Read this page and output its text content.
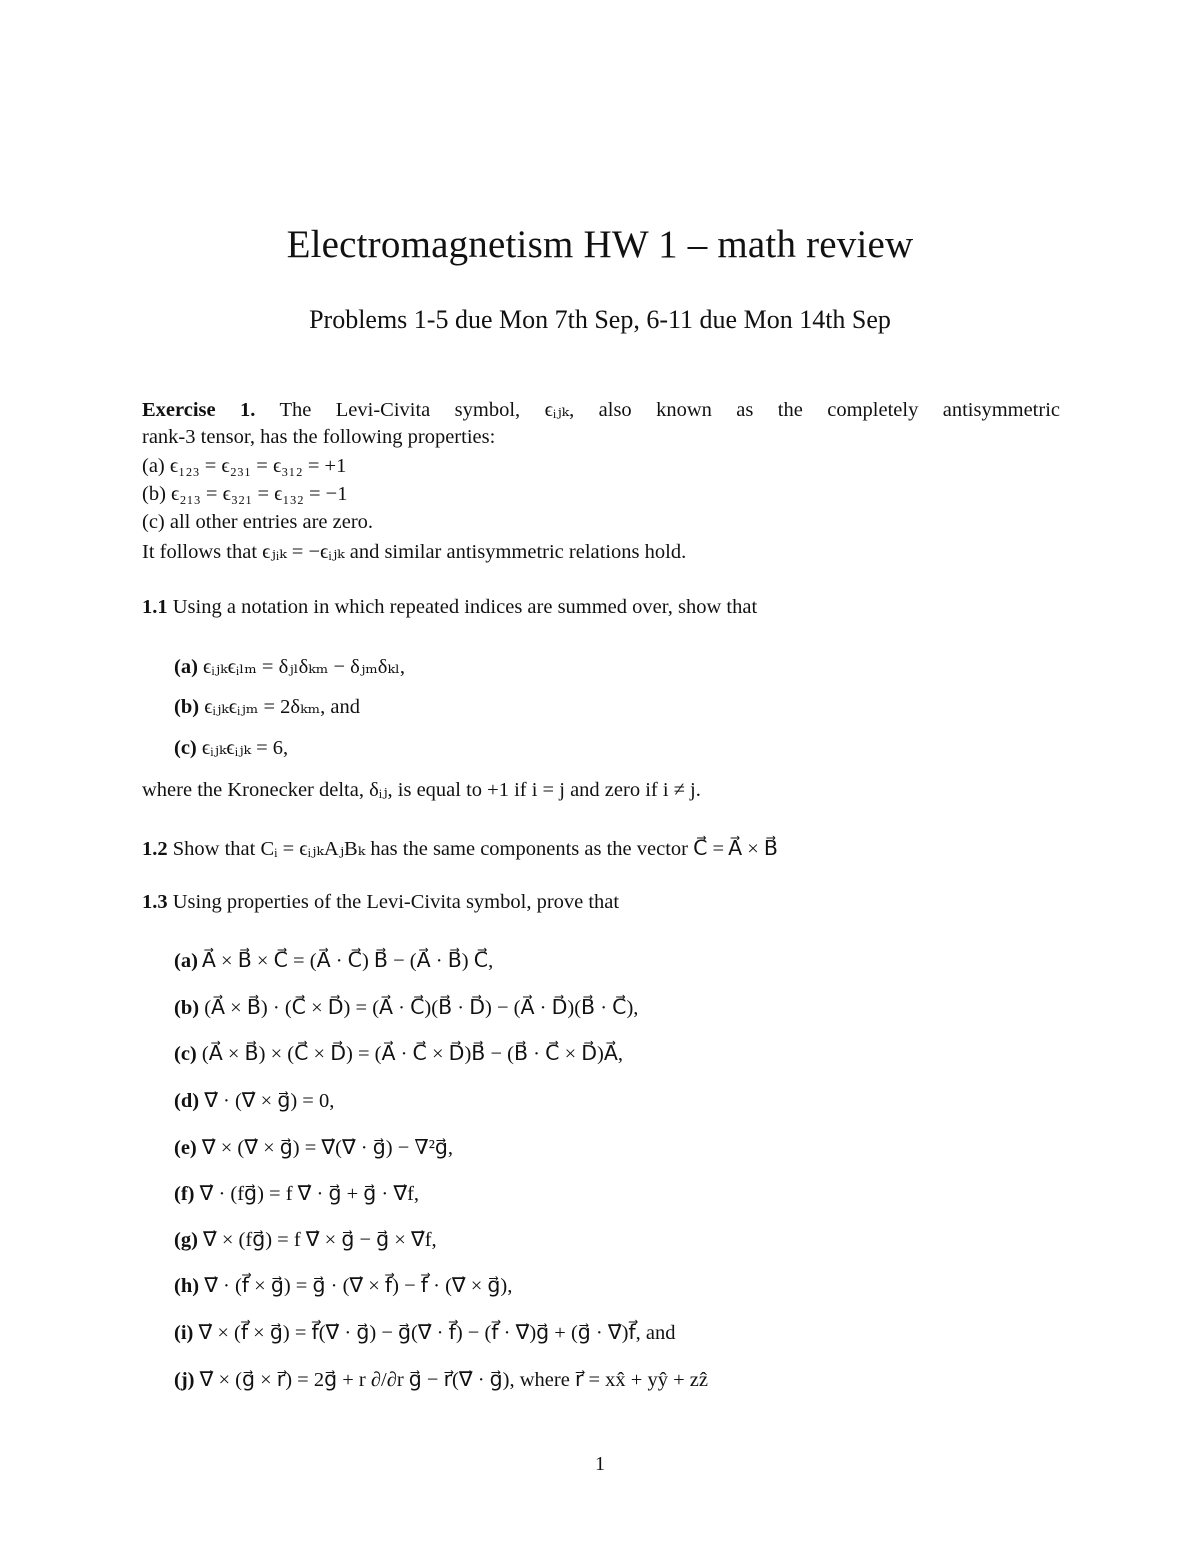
Electromagnetism HW 1 – math review
Problems 1-5 due Mon 7th Sep, 6-11 due Mon 14th Sep
Exercise 1. The Levi-Civita symbol, ϵᵢⱼₖ, also known as the completely antisymmetric
rank-3 tensor, has the following properties:
(a) ϵ₁₂₃ = ϵ₂₃₁ = ϵ₃₁₂ = +1
(b) ϵ₂₁₃ = ϵ₃₂₁ = ϵ₁₃₂ = −1
(c) all other entries are zero.
It follows that ϵⱼᵢₖ = −ϵᵢⱼₖ and similar antisymmetric relations hold.
1.1 Using a notation in which repeated indices are summed over, show that
(a) ϵᵢⱼₖϵᵢₗₘ = δⱼₗδₖₘ − δⱼₘδₖₗ,
(b) ϵᵢⱼₖϵᵢⱼₘ = 2δₖₘ, and
(c) ϵᵢⱼₖϵᵢⱼₖ = 6,
where the Kronecker delta, δᵢⱼ, is equal to +1 if i = j and zero if i ≠ j.
1.2 Show that Cᵢ = ϵᵢⱼₖAⱼBₖ has the same components as the vector C⃗ = A⃗ × B⃗
1.3 Using properties of the Levi-Civita symbol, prove that
(a) A⃗ × B⃗ × C⃗ = (A⃗ · C⃗) B⃗ − (A⃗ · B⃗) C⃗,
(b) (A⃗ × B⃗) · (C⃗ × D⃗) = (A⃗ · C⃗)(B⃗ · D⃗) − (A⃗ · D⃗)(B⃗ · C⃗),
(c) (A⃗ × B⃗) × (C⃗ × D⃗) = (A⃗ · C⃗ × D⃗)B⃗ − (B⃗ · C⃗ × D⃗)A⃗,
(d) ∇⃗ · (∇⃗ × g⃗) = 0,
(e) ∇⃗ × (∇⃗ × g⃗) = ∇⃗(∇⃗ · g⃗) − ∇²g⃗,
(f) ∇⃗ · (fg⃗) = f ∇⃗ · g⃗ + g⃗ · ∇⃗f,
(g) ∇⃗ × (fg⃗) = f ∇⃗ × g⃗ − g⃗ × ∇⃗f,
(h) ∇⃗ · (f⃗ × g⃗) = g⃗ · (∇⃗ × f⃗) − f⃗ · (∇⃗ × g⃗),
(i) ∇⃗ × (f⃗ × g⃗) = f⃗(∇⃗ · g⃗) − g⃗(∇⃗ · f⃗) − (f⃗ · ∇⃗)g⃗ + (g⃗ · ∇⃗)f⃗, and
(j) ∇⃗ × (g⃗ × r⃗) = 2g⃗ + r ∂/∂r g⃗ − r⃗(∇⃗ · g⃗), where r⃗ = xx̂ + yŷ + zẑ
1
